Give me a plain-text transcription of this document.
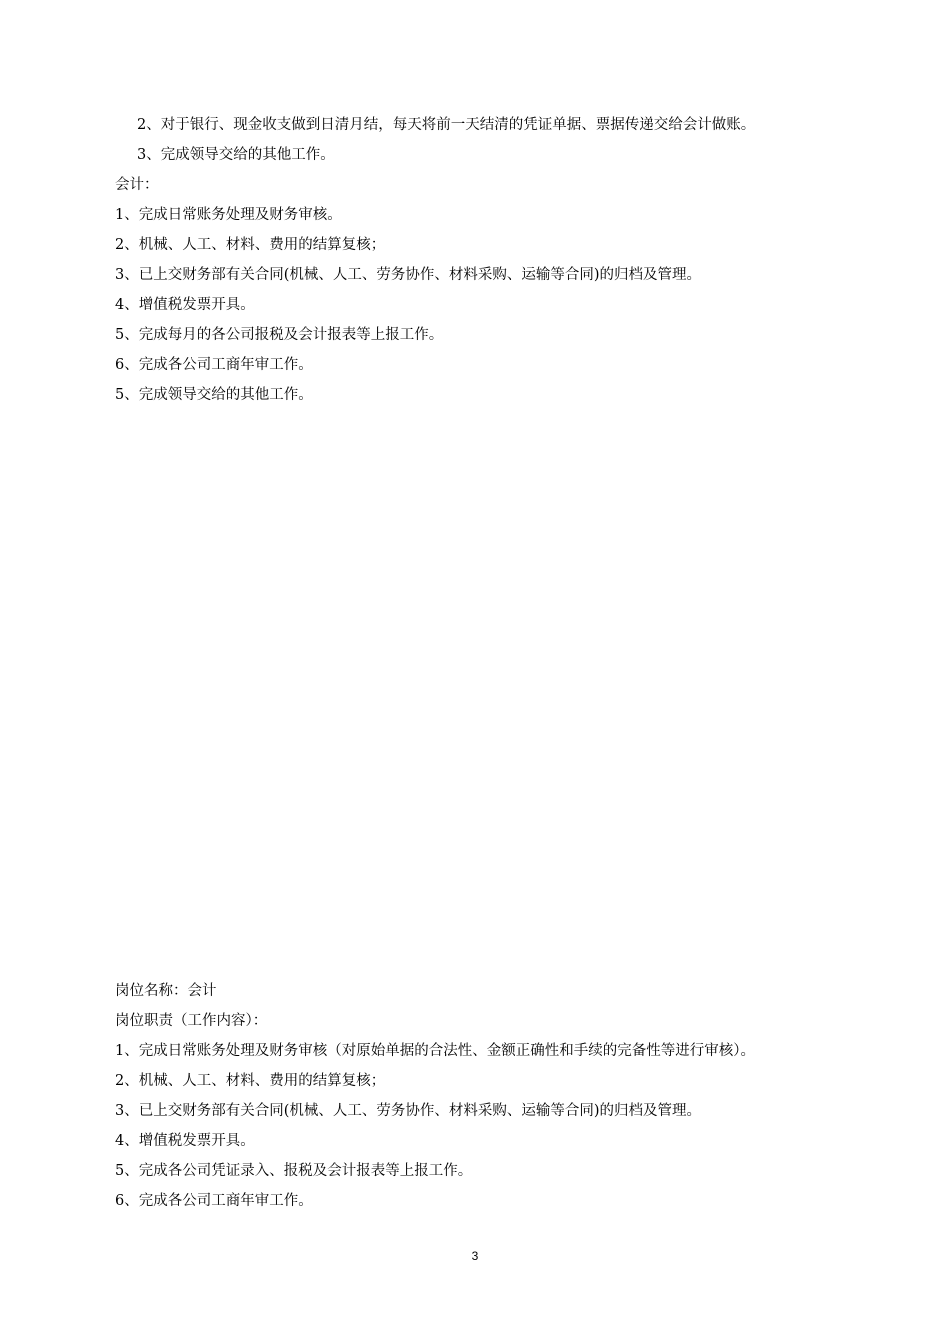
2、对于银行、现金收支做到日清月结，每天将前一天结清的凭证单据、票据传递交给会计做账。
3、完成领导交给的其他工作。
会计：
1、完成日常账务处理及财务审核。
2、机械、人工、材料、费用的结算复核；
3、已上交财务部有关合同(机械、人工、劳务协作、材料采购、运输等合同)的归档及管理。
4、增值税发票开具。
5、完成每月的各公司报税及会计报表等上报工作。
6、完成各公司工商年审工作。
5、完成领导交给的其他工作。
岗位名称：会计
岗位职责（工作内容）：
1、完成日常账务处理及财务审核（对原始单据的合法性、金额正确性和手续的完备性等进行审核）。
2、机械、人工、材料、费用的结算复核；
3、已上交财务部有关合同(机械、人工、劳务协作、材料采购、运输等合同)的归档及管理。
4、增值税发票开具。
5、完成各公司凭证录入、报税及会计报表等上报工作。
6、完成各公司工商年审工作。
3
